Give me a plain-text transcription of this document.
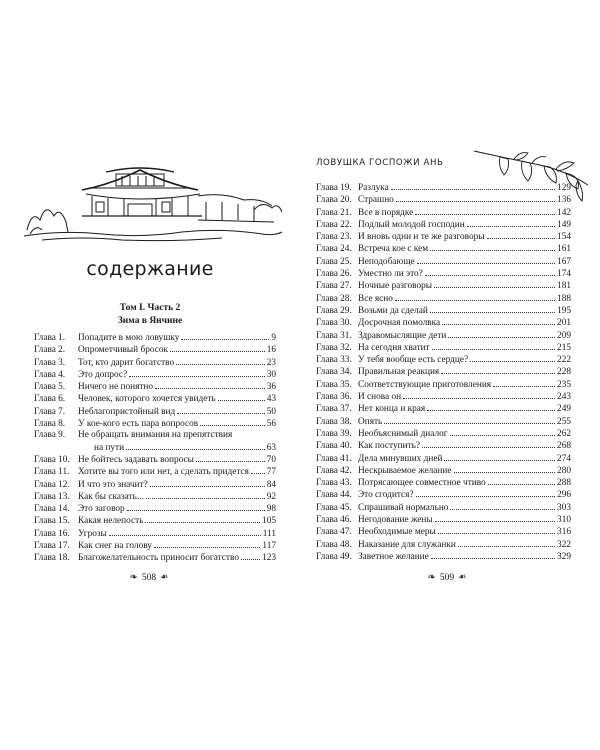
содержание
Том I. Часть 2
Зима в Янчине
Глава 1.	Попадите в мою ловушку	9
Глава 2.	Опрометчивый бросок	16
Глава 3.	Тот, кто дарит богатство	23
Глава 4.	Это допрос?	30
Глава 5.	Ничего не понятно	36
Глава 6.	Человек, которого хочется увидеть	43
Глава 7.	Неблагопристойный вид	50
Глава 8.	У кое-кого есть пара вопросов	56
Глава 9.	Не обращать внимания на препятствия
на пути	63
Глава 10. Не бойтесь задавать вопросы	70
Глава 11. Хотите вы того или нет, а сделать придется 77
Глава 12. И что это значит?	84
Глава 13. Как бы сказать...	92
Глава 14. Это заговор	98
Глава 15. Какая нелепость	105
Глава 16. Угрозы	111
Глава 17. Как снег на голову	117
Глава 18. Благожелательность приносит богатство 123
❧ 508 ❧
ЛОВУШКА ГОСПОЖИ АНЬ
Глава 19. Разлука	129
Глава 20. Страшно	136
Глава 21. Все в порядке	142
Глава 22. Подлый молодой господин	149
Глава 23. И вновь одни и те же разговоры	154
Глава 24. Встреча кое с кем	161
Глава 25. Неподобающе	167
Глава 26. Уместно ли это?	174
Глава 27. Ночные разговоры	181
Глава 28. Все ясно	188
Глава 29. Возьми да сделай	195
Глава 30. Досрочная помолвка	201
Глава 31. Здравомыслящие дети	209
Глава 32. На сегодня хватит	215
Глава 33. У тебя вообще есть сердце?	222
Глава 34. Правильная реакция	228
Глава 35. Соответствующие приготовления	235
Глава 36. И снова он	243
Глава 37. Нет конца и края	249
Глава 38. Опять	255
Глава 39. Необъяснимый диалог	262
Глава 40. Как поступить?	268
Глава 41. Дела минувших дней	274
Глава 42. Нескрываемое желание	280
Глава 43. Потрясающее совместное чтиво	288
Глава 44. Это сгодится?	296
Глава 45. Спрашивай нормально	303
Глава 46. Негодование жены	310
Глава 47. Необходимые меры	316
Глава 48. Наказание для служанки	322
Глава 49. Заветное желание	329
❧ 509 ❧
